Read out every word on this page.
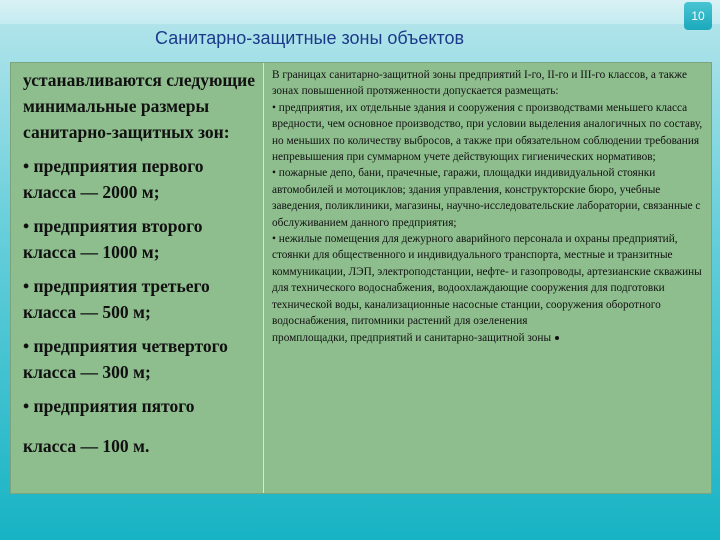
10
Санитарно-защитные зоны объектов

устанавливаются следующие минимальные размеры санитарно-защитных зон:

• предприятия первого класса — 2000 м;

• предприятия второго класса — 1000 м;

• предприятия третьего класса — 500 м;

• предприятия четвертого класса — 300 м;

• предприятия пятого

класса — 100 м.

В границах санитарно-защитной зоны предприятий I-го, II-го и III-го классов, а также зонах повышенной протяженности допускается размещать:

• предприятия, их отдельные здания и сооружения с производствами меньшего класса вредности, чем основное производство, при условии выделения аналогичных по составу, но меньших по количеству выбросов, а также при обязательном соблюдении требования непревышения при суммарном учете действующих гигиенических нормативов;

• пожарные депо, бани, прачечные, гаражи, площадки индивидуальной стоянки автомобилей и мотоциклов; здания управления, конструкторские бюро, учебные заведения, поликлиники, магазины, научно-исследовательские лаборатории, связанные с обслуживанием данного предприятия;

• нежилые помещения для дежурного аварийного персонала и охраны предприятий, стоянки для общественного и индивидуального транспорта, местные и транзитные коммуникации, ЛЭП, электроподстанции, нефте- и газопроводы, артезианские скважины для технического водоснабжения, водоохлаждающие сооружения для подготовки технической воды, канализационные насосные станции, сооружения оборотного водоснабжения, питомники растений для озеленения

промплощадки, предприятий и санитарно-защитной зоны
